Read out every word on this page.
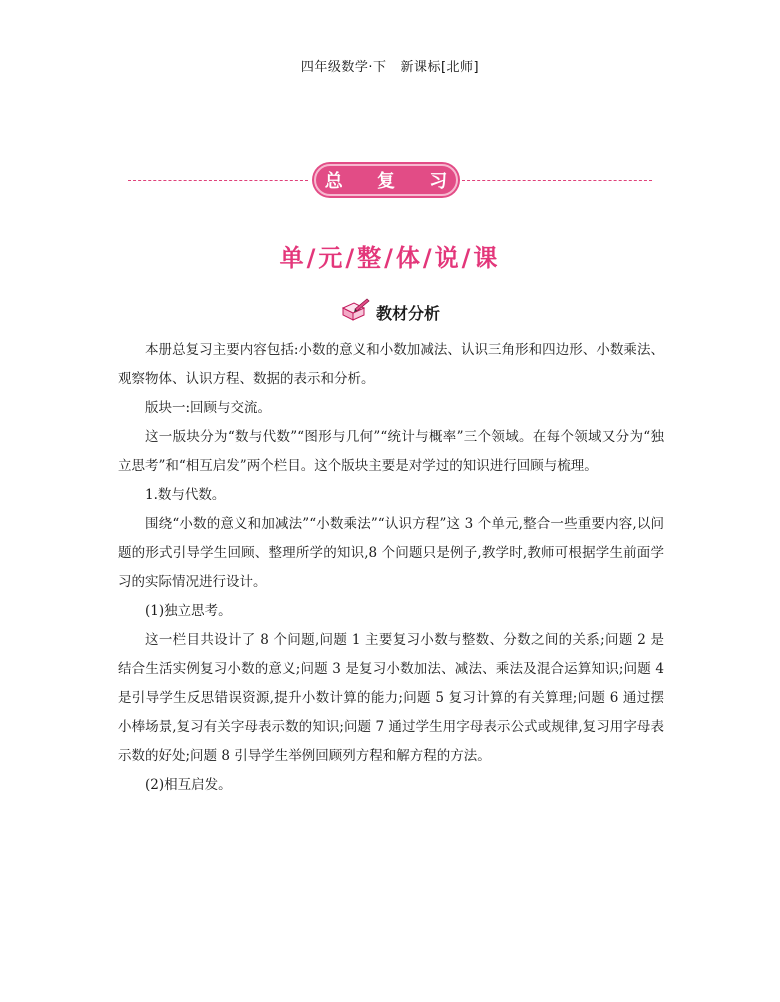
四年级数学·下 新课标[北师]
总 复 习
单/元/整/体/说/课
教材分析

本册总复习主要内容包括:小数的意义和小数加减法、认识三角形和四边形、小数乘法、观察物体、认识方程、数据的表示和分析。

版块一:回顾与交流。

这一版块分为“数与代数”“图形与几何”“统计与概率”三个领域。在每个领域又分为“独立思考”和“相互启发”两个栏目。这个版块主要是对学过的知识进行回顾与梳理。

1.数与代数。

围绕“小数的意义和加减法”“小数乘法”“认识方程”这 3 个单元,整合一些重要内容,以问题的形式引导学生回顾、整理所学的知识,8 个问题只是例子,教学时,教师可根据学生前面学习的实际情况进行设计。

(1)独立思考。

这一栏目共设计了 8 个问题,问题 1 主要复习小数与整数、分数之间的关系;问题 2 是结合生活实例复习小数的意义;问题 3 是复习小数加法、减法、乘法及混合运算知识;问题 4 是引导学生反思错误资源,提升小数计算的能力;问题 5 复习计算的有关算理;问题 6 通过摆小棒场景,复习有关字母表示数的知识;问题 7 通过学生用字母表示公式或规律,复习用字母表示数的好处;问题 8 引导学生举例回顾列方程和解方程的方法。

(2)相互启发。
